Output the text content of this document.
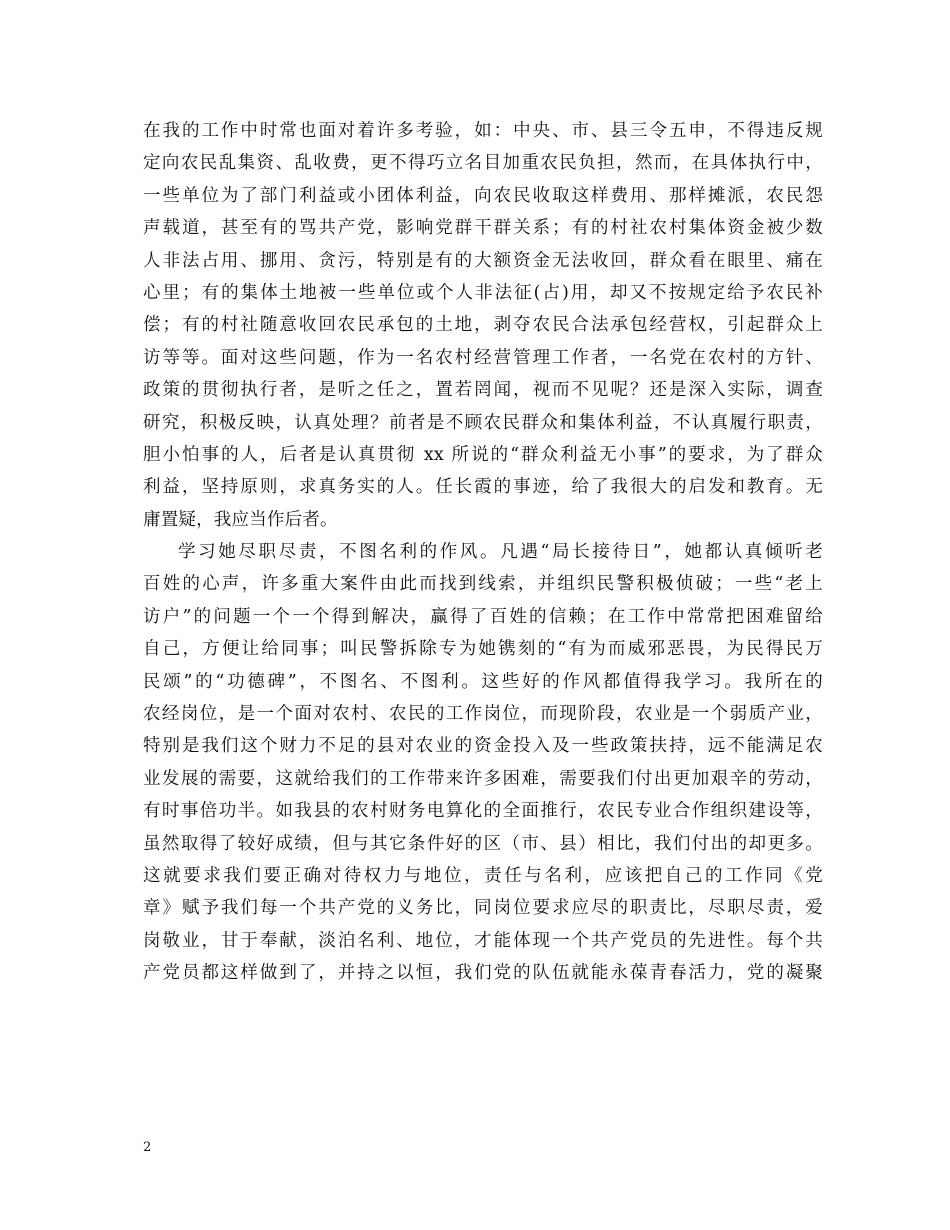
在我的工作中时常也面对着许多考验，如：中央、市、县三令五申，不得违反规
定向农民乱集资、乱收费，更不得巧立名目加重农民负担，然而，在具体执行中，
一些单位为了部门利益或小团体利益，向农民收取这样费用、那样摊派，农民怨
声载道，甚至有的骂共产党，影响党群干群关系；有的村社农村集体资金被少数
人非法占用、挪用、贪污，特别是有的大额资金无法收回，群众看在眼里、痛在
心里；有的集体土地被一些单位或个人非法征(占)用，却又不按规定给予农民补
偿；有的村社随意收回农民承包的土地，剥夺农民合法承包经营权，引起群众上
访等等。面对这些问题，作为一名农村经营管理工作者，一名党在农村的方针、
政策的贯彻执行者，是听之任之，置若罔闻，视而不见呢？还是深入实际，调查
研究，积极反映，认真处理？前者是不顾农民群众和集体利益，不认真履行职责，
胆小怕事的人，后者是认真贯彻 xx 所说的“群众利益无小事”的要求，为了群众
利益，坚持原则，求真务实的人。任长霞的事迹，给了我很大的启发和教育。无
庸置疑，我应当作后者。
学习她尽职尽责，不图名利的作风。凡遇“局长接待日”，她都认真倾听老
百姓的心声，许多重大案件由此而找到线索，并组织民警积极侦破；一些“老上
访户”的问题一个一个得到解决，赢得了百姓的信赖；在工作中常常把困难留给
自己，方便让给同事；叫民警拆除专为她镌刻的“有为而威邪恶畏，为民得民万
民颂”的“功德碑”，不图名、不图利。这些好的作风都值得我学习。我所在的
农经岗位，是一个面对农村、农民的工作岗位，而现阶段，农业是一个弱质产业，
特别是我们这个财力不足的县对农业的资金投入及一些政策扶持，远不能满足农
业发展的需要，这就给我们的工作带来许多困难，需要我们付出更加艰辛的劳动，
有时事倍功半。如我县的农村财务电算化的全面推行，农民专业合作组织建设等，
虽然取得了较好成绩，但与其它条件好的区（市、县）相比，我们付出的却更多。
这就要求我们要正确对待权力与地位，责任与名利，应该把自己的工作同《党
章》赋予我们每一个共产党的义务比，同岗位要求应尽的职责比，尽职尽责，爱
岗敬业，甘于奉献，淡泊名利、地位，才能体现一个共产党员的先进性。每个共
产党员都这样做到了，并持之以恒，我们党的队伍就能永葆青春活力，党的凝聚
2
